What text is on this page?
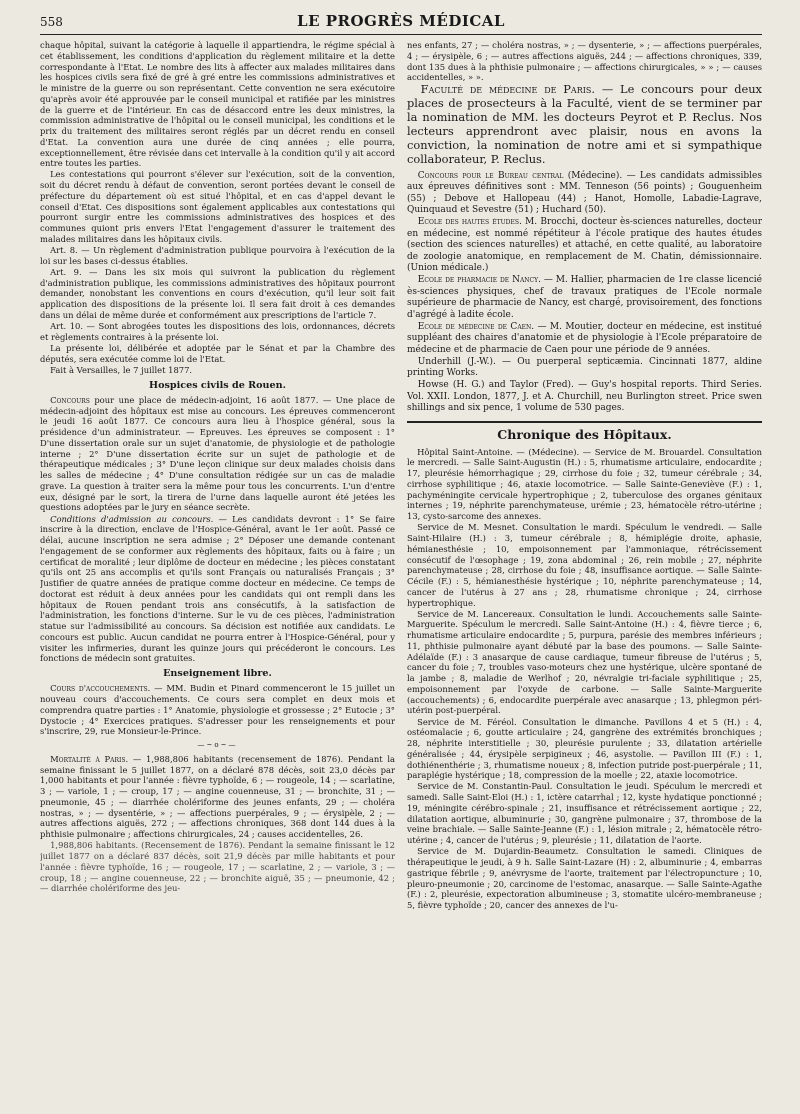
558	LE PROGRÈS MÉDICAL

chaque hôpital, suivant la catégorie à laquelle il appartiendra, le régime spécial à cet établissement, les conditions d'application du règlement militaire et la dette correspondante à l'Etat. Le nombre des lits à affecter aux malades militaires dans les hospices civils sera fixé de gré à gré entre les commissions administratives et le ministre de la guerre ou son représentant. Cette convention ne sera exécutoire qu'après avoir été approuvée par le conseil municipal et ratifiée par les ministres de la guerre et de l'intérieur. En cas de désaccord entre les deux ministres, la commission administrative de l'hôpital ou le conseil municipal, les conditions et le prix du traitement des militaires seront réglés par un décret rendu en conseil d'Etat. La convention aura une durée de cinq années ; elle pourra, exceptionnellement, être révisée dans cet intervalle à la condition qu'il y ait accord entre toutes les parties.

Les contestations qui pourront s'élever sur l'exécution, soit de la convention, soit du décret rendu à défaut de convention, seront portées devant le conseil de préfecture du département où est situé l'hôpital, et en cas d'appel devant le conseil d'Etat. Ces dispositions sont également applicables aux contestations qui pourront surgir entre les commissions administratives des hospices et des communes quiont pris envers l'Etat l'engagement d'assurer le traitement des malades militaires dans les hôpitaux civils.

Art. 8. — Un règlement d'administration publique pourvoira à l'exécution de la loi sur les bases ci-dessus établies.

Art. 9. — Dans les six mois qui suivront la publication du règlement d'administration publique, les commissions administratives des hôpitaux pourront demander, nonobstant les conventions en cours d'exécution, qu'il leur soit fait application des dispositions de la présente loi. Il sera fait droit à ces demandes dans un délai de même durée et conformément aux prescriptions de l'article 7.

Art. 10. — Sont abrogées toutes les dispositions des lois, ordonnances, décrets et règlements contraires à la présente loi.

La présente loi, délibérée et adoptée par le Sénat et par la Chambre des députés, sera exécutée comme loi de l'Etat.

Fait à Versailles, le 7 juillet 1877.

Hospices civils de Rouen.

Concours pour une place de médecin-adjoint, 16 août 1877. — Une place de médecin-adjoint des hôpitaux est mise au concours. Les épreuves commenceront le jeudi 16 août 1877. Ce concours aura lieu à l'hospice général, sous la présidence d'un administrateur. — Epreuves. Les épreuves se composent : 1° D'une dissertation orale sur un sujet d'anatomie, de physiologie et de pathologie interne ; 2° D'une dissertation écrite sur un sujet de pathologie et de thérapeutique médicales ; 3° D'une leçon clinique sur deux malades choisis dans les salles de médecine ; 4° D'une consultation rédigée sur un cas de maladie grave. La question à traiter sera la même pour tous les concurrents. L'un d'entre eux, désigné par le sort, la tirera de l'urne dans laquelle auront été jetées les questions adoptées par le jury en séance secrète.

Conditions d'admission au concours. — Les candidats devront : 1° Se faire inscrire à la direction, enclave de l'Hospice-Général, avant le 1er août. Passé ce délai, aucune inscription ne sera admise ; 2° Déposer une demande contenant l'engagement de se conformer aux règlements des hôpitaux, faits ou à faire ; un certificat de moralité ; leur diplôme de docteur en médecine ; les pièces constatant qu'ils ont 25 ans accomplis et qu'ils sont Français ou naturalisés Français ; 3° Justifier de quatre années de pratique comme docteur en médecine. Ce temps de doctorat est réduit à deux années pour les candidats qui ont rempli dans les hôpitaux de Rouen pendant trois ans consécutifs, à la satisfaction de l'administration, les fonctions d'interne. Sur le vu de ces pièces, l'administration statue sur l'admissibilité au concours. Sa décision est notifiée aux candidats. Le concours est public. Aucun candidat ne pourra entrer à l'Hospice-Général, pour y visiter les infirmeries, durant les quinze jours qui précéderont le concours. Les fonctions de médecin sont gratuites.

Enseignement libre.

Cours d'accouchements. — MM. Budin et Pinard commenceront le 15 juillet un nouveau cours d'accouchements. Ce cours sera complet en deux mois et comprendra quatre parties : 1° Anatomie, physiologie et grossesse ; 2° Eutocie ; 3° Dystocie ; 4° Exercices pratiques. S'adresser pour les renseignements et pour s'inscrire, 29, rue Monsieur-le-Prince.

—~o~—

Mortalité à Paris. — 1,988,806 habitants (recensement de 1876). Pendant la semaine finissant le 5 juillet 1877, on a déclaré 878 décès, soit 23,0 décès par 1,000 habitants et pour l'année : fièvre typhoïde, 6 ; — rougeole, 14 ; — scarlatine, 3 ; — variole, 1 ; — croup, 17 ; — angine couenneuse, 31 ; — bronchite, 31 ; — pneumonie, 45 ; — diarrhée cholériforme des jeunes enfants, 29 ; — choléra nostras, » ; — dysentérie, » ; — affections puerpérales, 9 ; — érysipèle, 2 ; — autres affections aiguës, 272 ; — affections chroniques, 368 dont 144 dues à la phthisie pulmonaire ; affections chirurgicales, 24 ; causes accidentelles, 26.

1,988,806 habitants. (Recensement de 1876). Pendant la semaine finissant le 12 juillet 1877 on a déclaré 837 décès, soit 21,9 décès par mille habitants et pour l'année : fièvre typhoïde, 16 ; — rougeole, 17 ; — scarlatine, 2 ; — variole, 3 ; — croup, 18 ; — angine couenneuse, 22 ; — bronchite aiguë, 35 ; — pneumonie, 42 ; — diarrhée cholériforme des jeu-

nes enfants, 27 ; — choléra nostras, » ; — dysenterie, » ; — affections puerpérales, 4 ; — érysipèle, 6 ; — autres affections aiguës, 244 ; — affections chroniques, 339, dont 135 dues à la phthisie pulmonaire ; — affections chirurgicales, » » ; — causes accidentelles, » ».

Faculté de médecine de Paris. — Le concours pour deux places de prosecteurs à la Faculté, vient de se terminer par la nomination de MM. les docteurs Peyrot et P. Reclus. Nos lecteurs apprendront avec plaisir, nous en avons la conviction, la nomination de notre ami et si sympathique collaborateur, P. Reclus.

Concours pour le Bureau central (Médecine). — Les candidats admissibles aux épreuves définitives sont : MM. Tenneson (56 points) ; Gouguenheim (55) ; Debove et Hallopeau (44) ; Hanot, Homolle, Labadie-Lagrave, Quinquaud et Sevestre (51) ; Huchard (50).

Ecole des hautes études. M. Brocchi, docteur ès-sciences naturelles, docteur en médecine, est nommé répétiteur à l'école pratique des hautes études (section des sciences naturelles) et attaché, en cette qualité, au laboratoire de zoologie anatomique, en remplacement de M. Chatin, démissionnaire. (Union médicale.)

Ecole de pharmacie de Nancy. — M. Hallier, pharmacien de 1re classe licencié ès-sciences physiques, chef de travaux pratiques de l'Ecole normale supérieure de pharmacie de Nancy, est chargé, provisoirement, des fonctions d'agrégé à ladite école.

Ecole de médecine de Caen. — M. Moutier, docteur en médecine, est institué suppléant des chaires d'anatomie et de physiologie à l'Ecole préparatoire de médecine et de pharmacie de Caen pour une période de 9 années.

Underhill (J.-W.). — Ou puerperal septicæmia. Cincinnati 1877, aldine printing Works.

Howse (H. G.) and Taylor (Fred). — Guy's hospital reports. Third Series. Vol. XXII. London, 1877, J. et A. Churchill, neu Burlington street. Price swen shillings and six pence, 1 volume de 530 pages.

Chronique des Hôpitaux.

Hôpital Saint-Antoine. — (Médecine). — Service de M. Brouardel. Consultation le mercredi. — Salle Saint-Augustin (H.) : 5, rhumatisme articulaire, endocardite ; 17, pleurésie hémorrhagique ; 29, cirrhose du foie ; 32, tumeur cérébrale ; 34, cirrhose syphilitique ; 46, ataxie locomotrice. — Salle Sainte-Geneviève (F.) : 1, pachyméningite cervicale hypertrophique ; 2, tuberculose des organes génitaux internes ; 19, néphrite parenchymateuse, urémie ; 23, hématocèle rétro-utérine ; 13, cysto-sarcome des annexes.

Service de M. Mesnet. Consultation le mardi. Spéculum le vendredi. — Salle Saint-Hilaire (H.) : 3, tumeur cérébrale ; 8, hémiplégie droite, aphasie, hémianesthésie ; 10, empoisonnement par l'ammoniaque, rétrécissement consécutif de l'œsophage ; 19, zona abdominal ; 26, rein mobile ; 27, néphrite parenchymateuse ; 28, cirrhose du foie ; 48, insuffisance aortique. — Salle Sainte-Cécile (F.) : 5, hémianesthésie hystérique ; 10, néphrite parenchymateuse ; 14, cancer de l'utérus à 27 ans ; 28, rhumatisme chronique ; 24, cirrhose hypertrophique.

Service de M. Lancereaux. Consultation le lundi. Accouchements salle Sainte-Marguerite. Spéculum le mercredi. Salle Saint-Antoine (H.) : 4, fièvre tierce ; 6, rhumatisme articulaire endocardite ; 5, purpura, parésie des membres inférieurs ; 11, phthisie pulmonaire ayant débuté par la base des poumons. — Salle Sainte-Adélaïde (F.) : 3 anasarque de cause cardiaque, tumeur fibreuse de l'utérus ; 5, cancer du foie ; 7, troubles vaso-moteurs chez une hystérique, ulcère spontané de la jambe ; 8, maladie de Werlhof ; 20, névralgie tri-faciale syphilitique ; 25, empoisonnement par l'oxyde de carbone. — Salle Sainte-Marguerite (accouchements) ; 6, endocardite puerpérale avec anasarque ; 13, phlegmon péri-utérin post-puerpéral.

Service de M. Féréol. Consultation le dimanche. Pavillons 4 et 5 (H.) : 4, ostéomalacie ; 6, goutte articulaire ; 24, gangrène des extrémités bronchiques ; 28, néphrite interstitielle ; 30, pleurésie purulente ; 33, dilatation artérielle généralisée ; 44, érysipèle serpigineux ; 46, asystolie. — Pavillon III (F.) : 1, dothiénenthérie ; 3, rhumatisme noueux ; 8, infection putride post-puerpérale ; 11, paraplégie hystérique ; 18, compression de la moelle ; 22, ataxie locomotrice.

Service de M. Constantin-Paul. Consultation le jeudi. Spéculum le mercredi et samedi. Salle Saint-Eloi (H.) : 1, ictère catarrhal ; 12, kyste hydatique ponctionné ; 19, méningite cérébro-spinale ; 21, insuffisance et rétrécissement aortique ; 22, dilatation aortique, albuminurie ; 30, gangrène pulmonaire ; 37, thrombose de la veine brachiale. — Salle Sainte-Jeanne (F.) : 1, lésion mitrale ; 2, hématocèle rétro-utérine ; 4, cancer de l'utérus ; 9, pleurésie ; 11, dilatation de l'aorte.

Service de M. Dujardin-Beaumetz. Consultation le samedi. Cliniques de thérapeutique le jeudi, à 9 h. Salle Saint-Lazare (H) : 2, albuminurie ; 4, embarras gastrique fébrile ; 9, anévrysme de l'aorte, traitement par l'électropuncture ; 10, pleuro-pneumonie ; 20, carcinome de l'estomac, anasarque. — Salle Sainte-Agathe (F.) : 2, pleurésie, expectoration albumineuse ; 3, stomatite ulcéro-membraneuse ; 5, fièvre typhoïde ; 20, cancer des annexes de l'u-
